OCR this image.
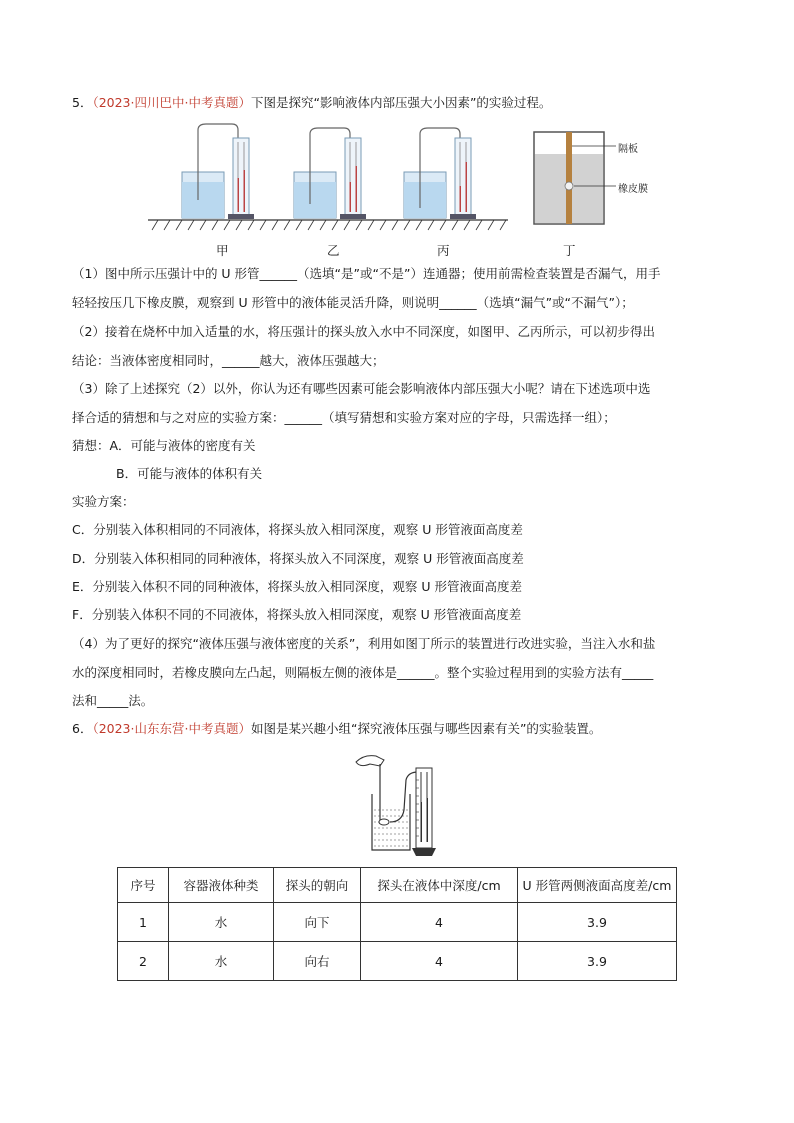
5．（2023·四川巴中·中考真题）下图是探究“影响液体内部压强大小因素”的实验过程。
隔板
橡皮膜
甲	乙	丙	丁
（1）图中所示压强计中的 U 形管______（选填“是”或“不是”）连通器；使用前需检查装置是否漏气，用手
轻轻按压几下橡皮膜，观察到 U 形管中的液体能灵活升降，则说明______（选填“漏气”或“不漏气”）；
（2）接着在烧杯中加入适量的水，将压强计的探头放入水中不同深度，如图甲、乙丙所示，可以初步得出
结论：当液体密度相同时，______越大，液体压强越大；
（3）除了上述探究（2）以外，你认为还有哪些因素可能会影响液体内部压强大小呢？请在下述选项中选
择合适的猜想和与之对应的实验方案：______（填写猜想和实验方案对应的字母，只需选择一组）；
猜想：A．可能与液体的密度有关
B．可能与液体的体积有关
实验方案：
C．分别装入体积相同的不同液体，将探头放入相同深度，观察 U 形管液面高度差
D．分别装入体积相同的同种液体，将探头放入不同深度，观察 U 形管液面高度差
E．分别装入体积不同的同种液体，将探头放入相同深度，观察 U 形管液面高度差
F．分别装入体积不同的不同液体，将探头放入相同深度，观察 U 形管液面高度差
（4）为了更好的探究“液体压强与液体密度的关系”，利用如图丁所示的装置进行改进实验，当注入水和盐
水的深度相同时，若橡皮膜向左凸起，则隔板左侧的液体是______。整个实验过程用到的实验方法有_____
法和_____法。
6．（2023·山东东营·中考真题）如图是某兴趣小组“探究液体压强与哪些因素有关”的实验装置。
序号	容器液体种类	探头的朝向	探头在液体中深度/cm	U 形管两侧液面高度差/cm
1	水	向下	4	3.9
2	水	向右	4	3.9
